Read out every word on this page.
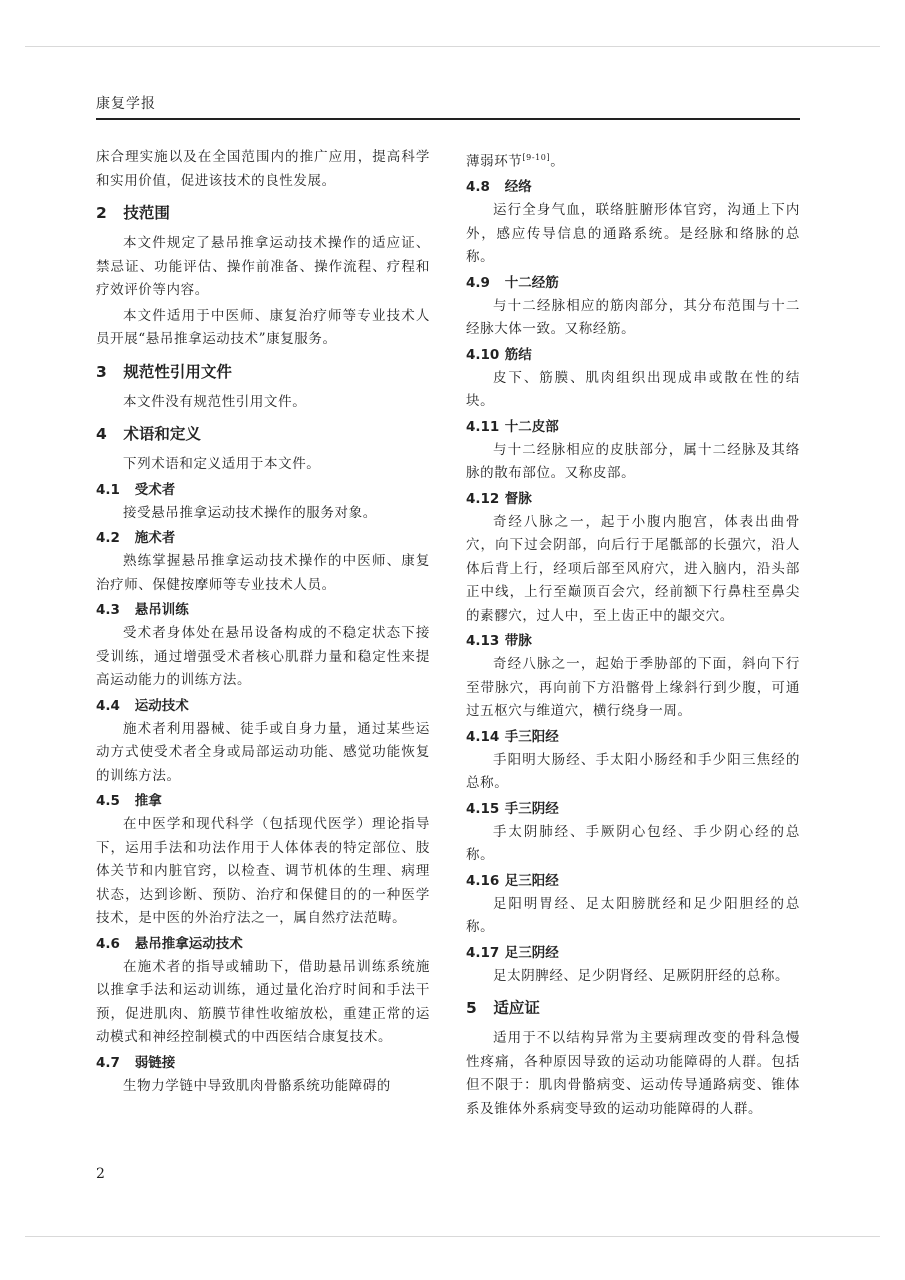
康复学报

床合理实施以及在全国范围内的推广应用，提高科学和实用价值，促进该技术的良性发展。

2 技范围

本文件规定了悬吊推拿运动技术操作的适应证、禁忌证、功能评估、操作前准备、操作流程、疗程和疗效评价等内容。

本文件适用于中医师、康复治疗师等专业技术人员开展“悬吊推拿运动技术”康复服务。

3 规范性引用文件

本文件没有规范性引用文件。

4 术语和定义

下列术语和定义适用于本文件。

4.1 受术者

接受悬吊推拿运动技术操作的服务对象。

4.2 施术者

熟练掌握悬吊推拿运动技术操作的中医师、康复治疗师、保健按摩师等专业技术人员。

4.3 悬吊训练

受术者身体处在悬吊设备构成的不稳定状态下接受训练，通过增强受术者核心肌群力量和稳定性来提高运动能力的训练方法。

4.4 运动技术

施术者利用器械、徒手或自身力量，通过某些运动方式使受术者全身或局部运动功能、感觉功能恢复的训练方法。

4.5 推拿

在中医学和现代科学（包括现代医学）理论指导下，运用手法和功法作用于人体体表的特定部位、肢体关节和内脏官窍，以检查、调节机体的生理、病理状态，达到诊断、预防、治疗和保健目的的一种医学技术，是中医的外治疗法之一，属自然疗法范畴。

4.6 悬吊推拿运动技术

在施术者的指导或辅助下，借助悬吊训练系统施以推拿手法和运动训练，通过量化治疗时间和手法干预，促进肌肉、筋膜节律性收缩放松，重建正常的运动模式和神经控制模式的中西医结合康复技术。

4.7 弱链接

生物力学链中导致肌肉骨骼系统功能障碍的

薄弱环节[9-10]。

4.8 经络

运行全身气血，联络脏腑形体官窍，沟通上下内外，感应传导信息的通路系统。是经脉和络脉的总称。

4.9 十二经筋

与十二经脉相应的筋肉部分，其分布范围与十二经脉大体一致。又称经筋。

4.10 筋结

皮下、筋膜、肌肉组织出现成串或散在性的结块。

4.11 十二皮部

与十二经脉相应的皮肤部分，属十二经脉及其络脉的散布部位。又称皮部。

4.12 督脉

奇经八脉之一，起于小腹内胞宫，体表出曲骨穴，向下过会阴部，向后行于尾骶部的长强穴，沿人体后背上行，经项后部至风府穴，进入脑内，沿头部正中线，上行至巅顶百会穴，经前额下行鼻柱至鼻尖的素髎穴，过人中，至上齿正中的龈交穴。

4.13 带脉

奇经八脉之一，起始于季胁部的下面，斜向下行至带脉穴，再向前下方沿髂骨上缘斜行到少腹，可通过五枢穴与维道穴，横行绕身一周。

4.14 手三阳经

手阳明大肠经、手太阳小肠经和手少阳三焦经的总称。

4.15 手三阴经

手太阴肺经、手厥阴心包经、手少阴心经的总称。

4.16 足三阳经

足阳明胃经、足太阳膀胱经和足少阳胆经的总称。

4.17 足三阴经

足太阴脾经、足少阴肾经、足厥阴肝经的总称。

5 适应证

适用于不以结构异常为主要病理改变的骨科急慢性疼痛，各种原因导致的运动功能障碍的人群。包括但不限于：肌肉骨骼病变、运动传导通路病变、锥体系及锥体外系病变导致的运动功能障碍的人群。

2
